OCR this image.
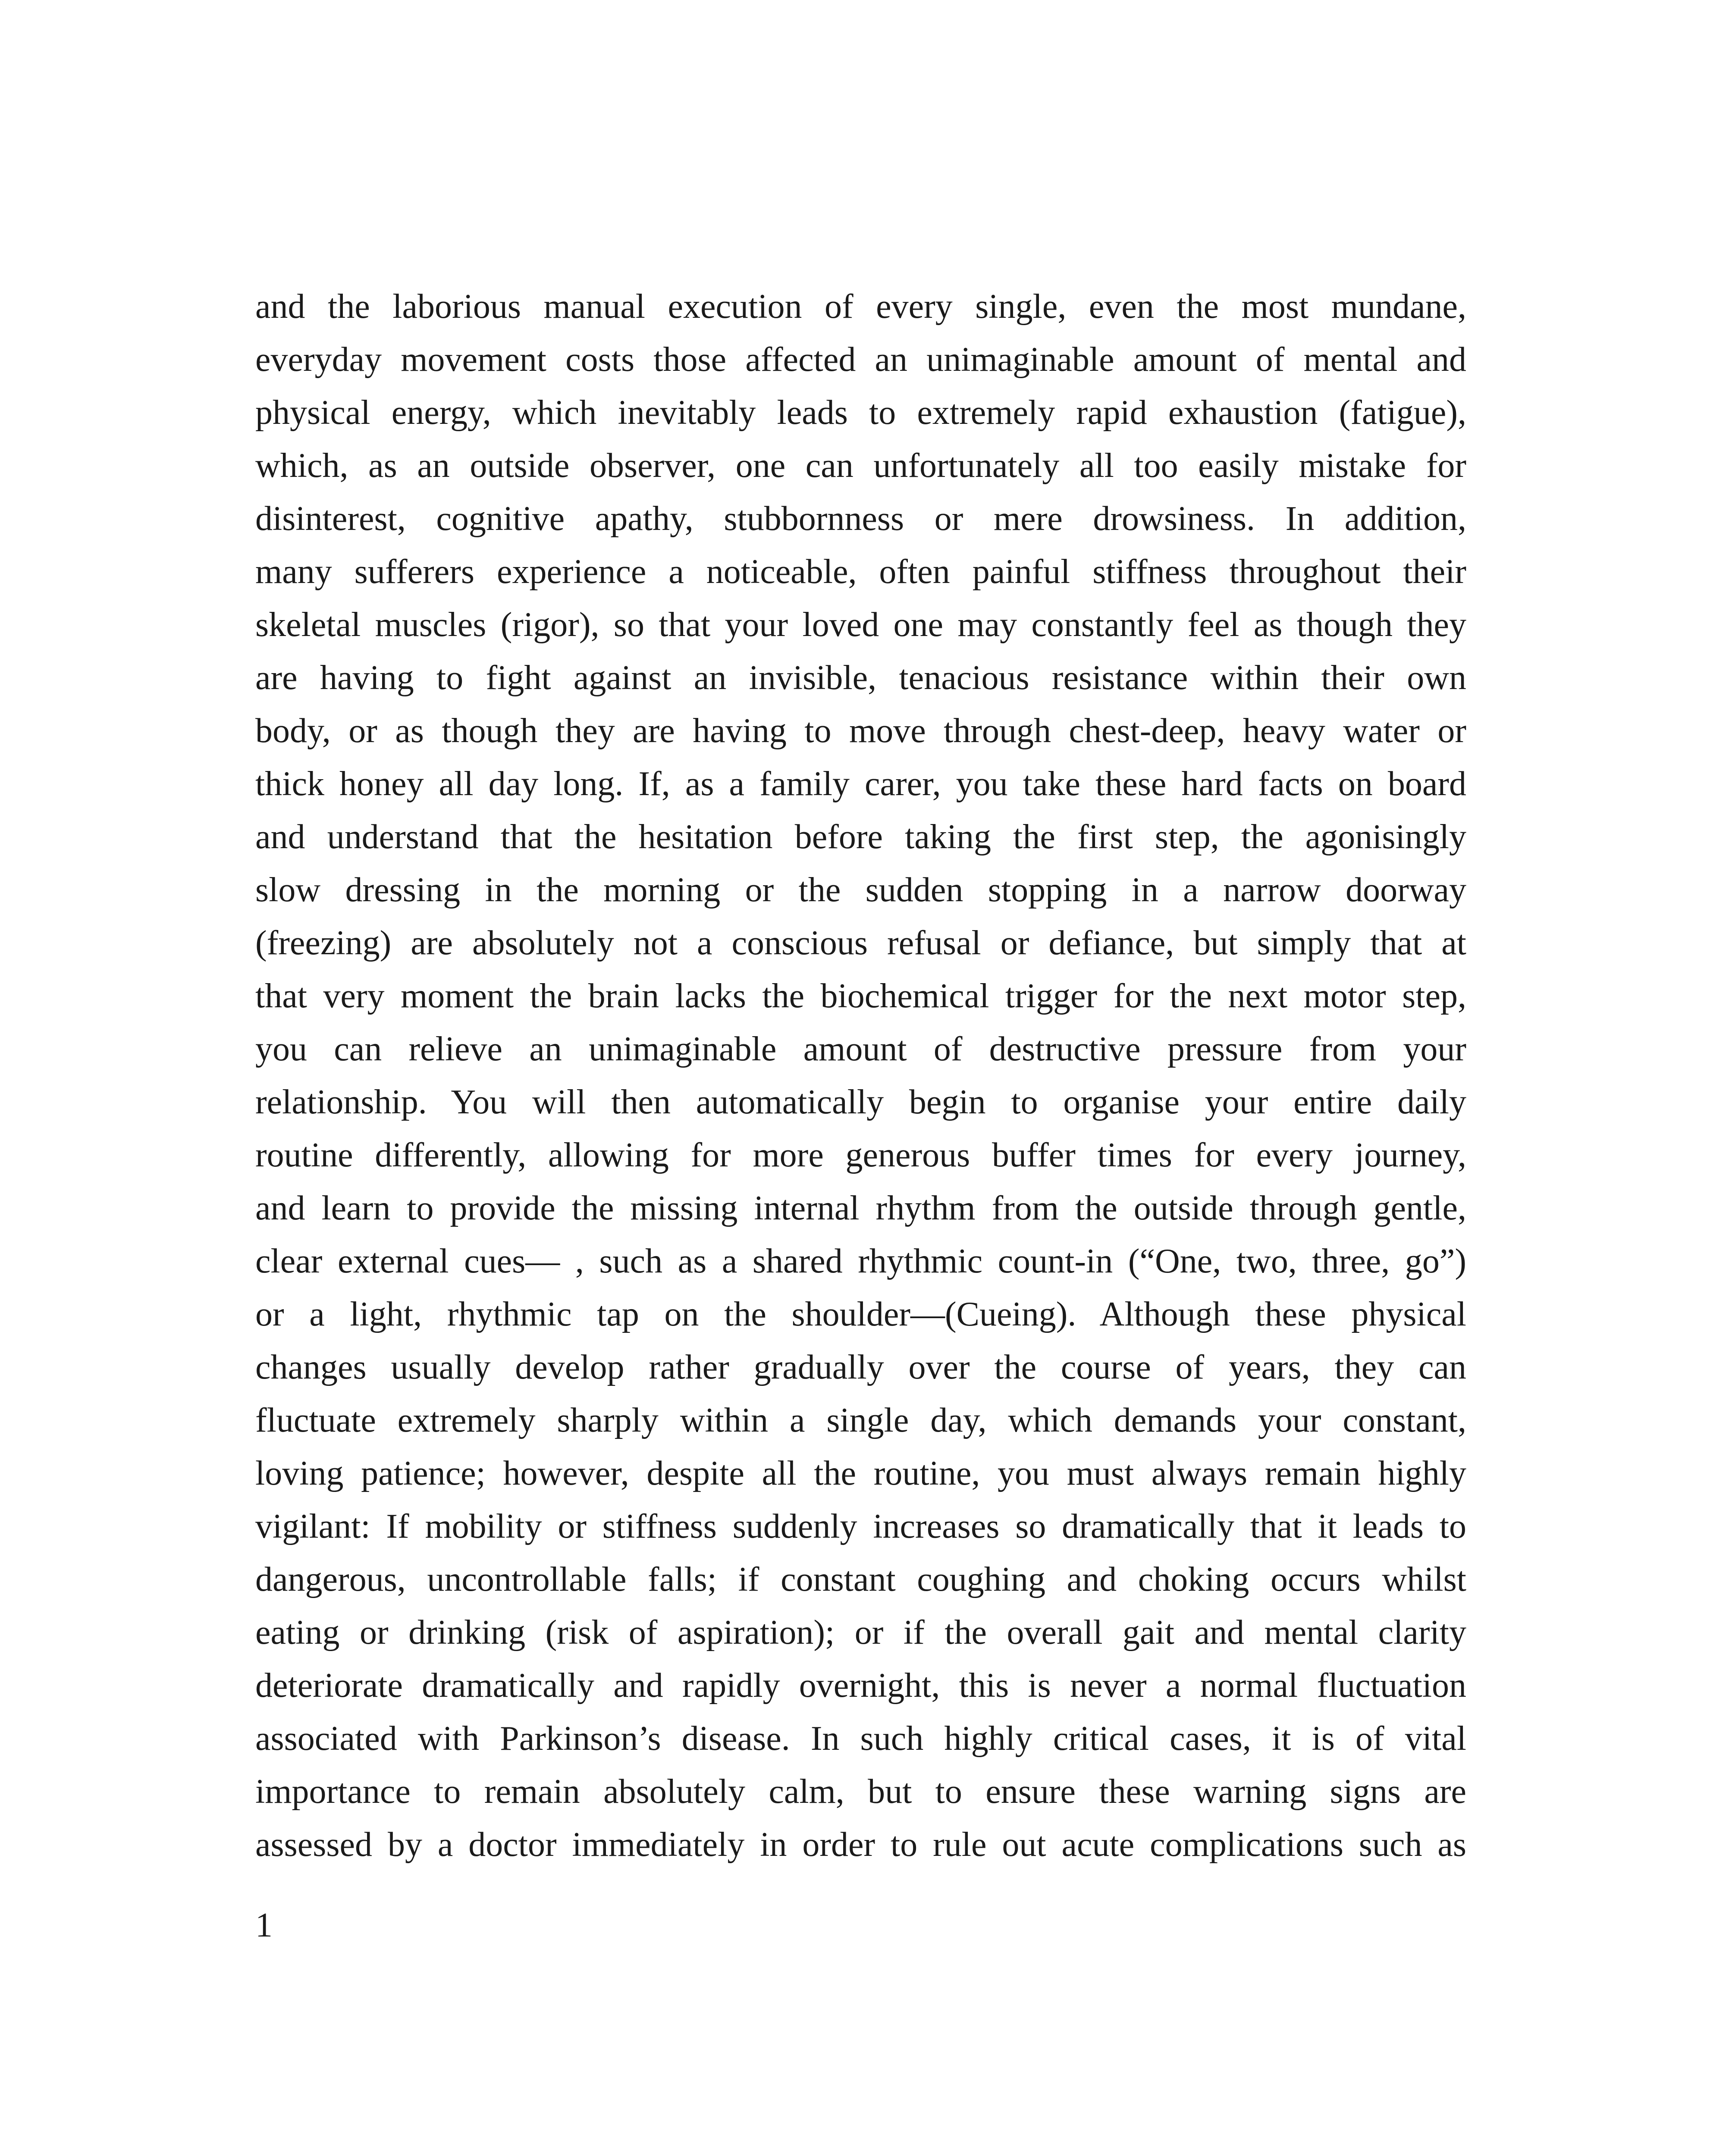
and the laborious manual execution of every single, even the most mundane,
everyday movement costs those affected an unimaginable amount of mental and
physical energy, which inevitably leads to extremely rapid exhaustion (fatigue),
which, as an outside observer, one can unfortunately all too easily mistake for
disinterest, cognitive apathy, stubbornness or mere drowsiness. In addition,
many sufferers experience a noticeable, often painful stiffness throughout their
skeletal muscles (rigor), so that your loved one may constantly feel as though they
are having to fight against an invisible, tenacious resistance within their own
body, or as though they are having to move through chest-deep, heavy water or
thick honey all day long. If, as a family carer, you take these hard facts on board
and understand that the hesitation before taking the first step, the agonisingly
slow dressing in the morning or the sudden stopping in a narrow doorway
(freezing) are absolutely not a conscious refusal or defiance, but simply that at
that very moment the brain lacks the biochemical trigger for the next motor step,
you can relieve an unimaginable amount of destructive pressure from your
relationship. You will then automatically begin to organise your entire daily
routine differently, allowing for more generous buffer times for every journey,
and learn to provide the missing internal rhythm from the outside through gentle,
clear external cues— , such as a shared rhythmic count-in (“One, two, three, go”)
or a light, rhythmic tap on the shoulder—(Cueing). Although these physical
changes usually develop rather gradually over the course of years, they can
fluctuate extremely sharply within a single day, which demands your constant,
loving patience; however, despite all the routine, you must always remain highly
vigilant: If mobility or stiffness suddenly increases so dramatically that it leads to
dangerous, uncontrollable falls; if constant coughing and choking occurs whilst
eating or drinking (risk of aspiration); or if the overall gait and mental clarity
deteriorate dramatically and rapidly overnight, this is never a normal fluctuation
associated with Parkinson’s disease. In such highly critical cases, it is of vital
importance to remain absolutely calm, but to ensure these warning signs are
assessed by a doctor immediately in order to rule out acute complications such as
1
